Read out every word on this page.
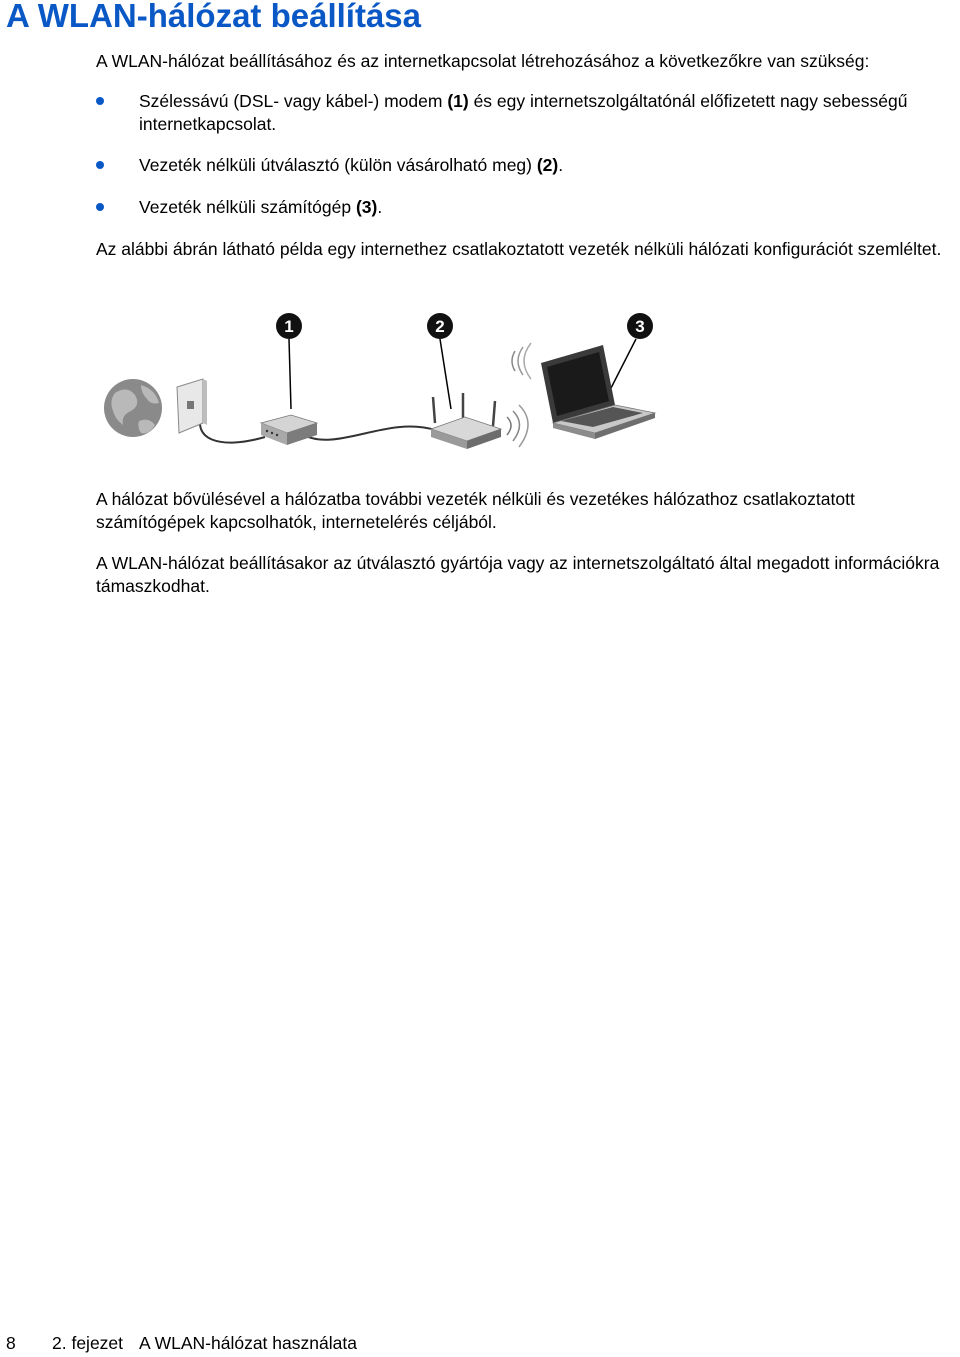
A WLAN-hálózat beállítása

A WLAN-hálózat beállításához és az internetkapcsolat létrehozásához a következőkre van szükség:

Szélessávú (DSL- vagy kábel-) modem (1) és egy internetszolgáltatónál előfizetett nagy sebességű internetkapcsolat.
Vezeték nélküli útválasztó (külön vásárolható meg) (2).
Vezeték nélküli számítógép (3).

Az alábbi ábrán látható példa egy internethez csatlakoztatott vezeték nélküli hálózati konfigurációt szemléltet.

1	2	3

A hálózat bővülésével a hálózatba további vezeték nélküli és vezetékes hálózathoz csatlakoztatott számítógépek kapcsolhatók, internetelérés céljából.

A WLAN-hálózat beállításakor az útválasztó gyártója vagy az internetszolgáltató által megadott információkra támaszkodhat.

8 2. fejezet A WLAN-hálózat használata
